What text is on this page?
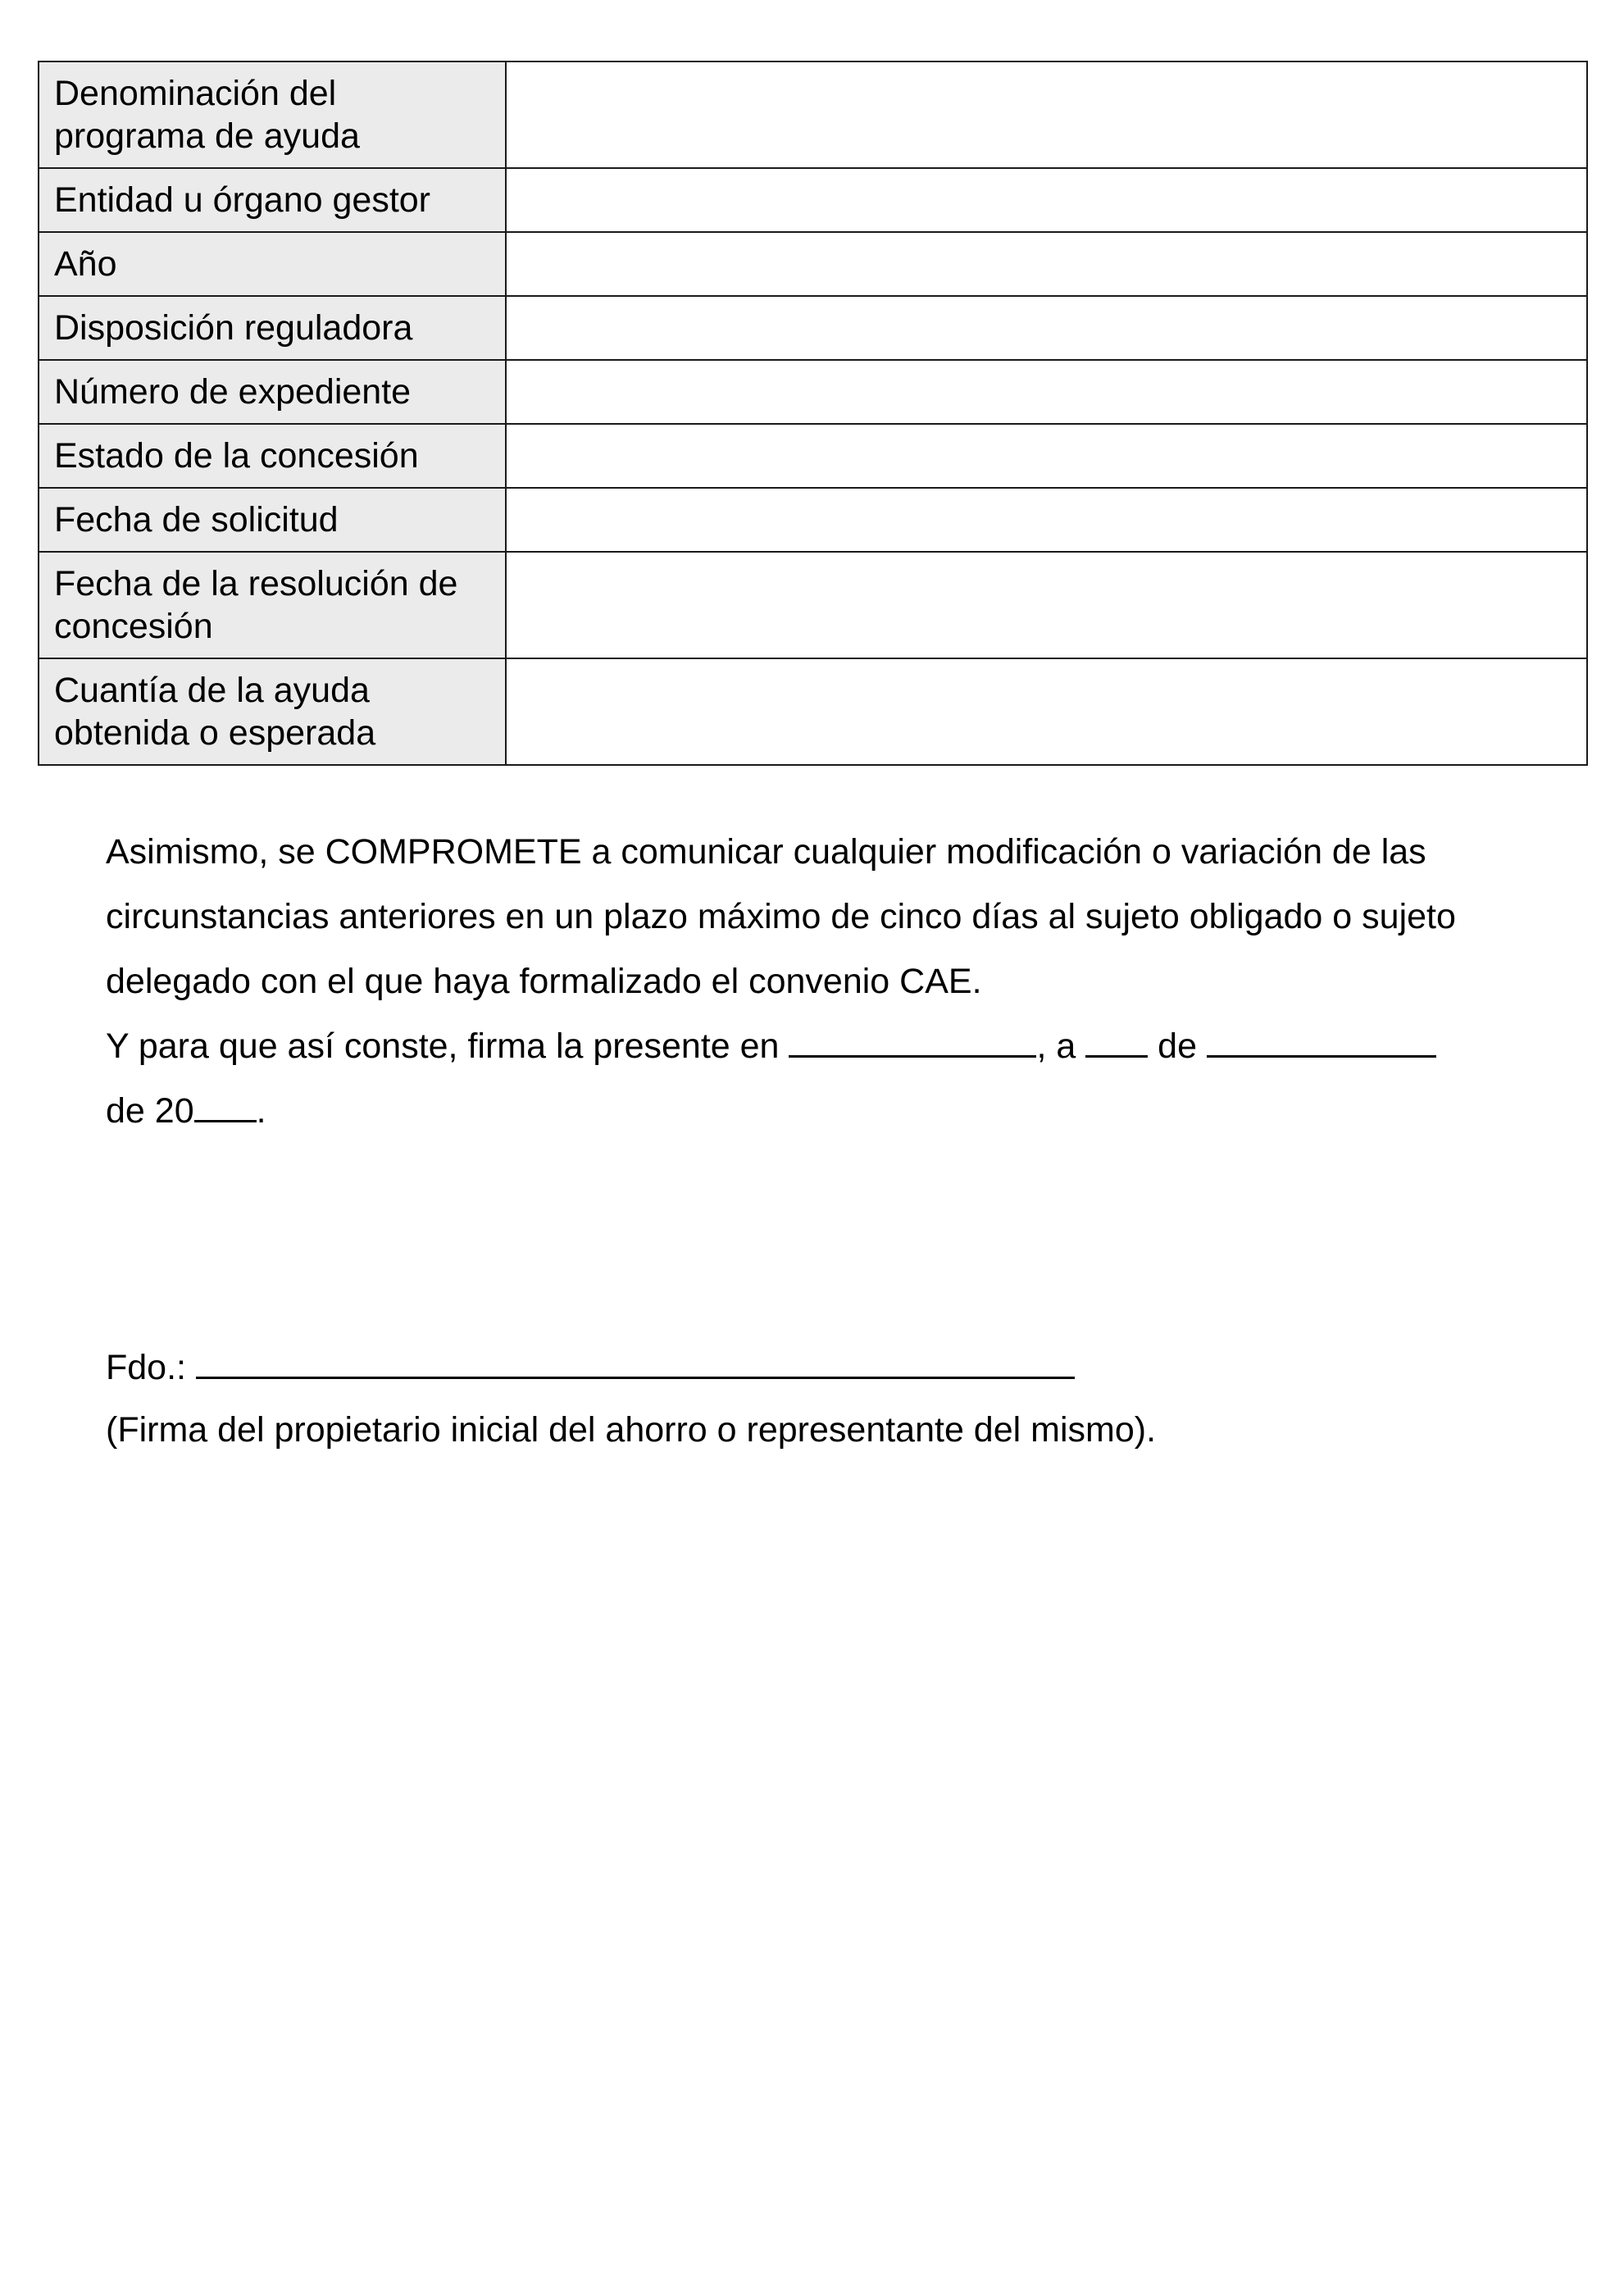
Denominación del programa de ayuda	
Entidad u órgano gestor	
Año	
Disposición reguladora	
Número de expediente	
Estado de la concesión	
Fecha de solicitud	
Fecha de la resolución de concesión	
Cuantía de la ayuda obtenida o esperada	

Asimismo, se COMPROMETE a comunicar cualquier modificación o variación de las circunstancias anteriores en un plazo máximo de cinco días al sujeto obligado o sujeto delegado con el que haya formalizado el convenio CAE.

Y para que así conste, firma la presente en	, a de
de 20 .

Fdo.:

(Firma del propietario inicial del ahorro o representante del mismo).
